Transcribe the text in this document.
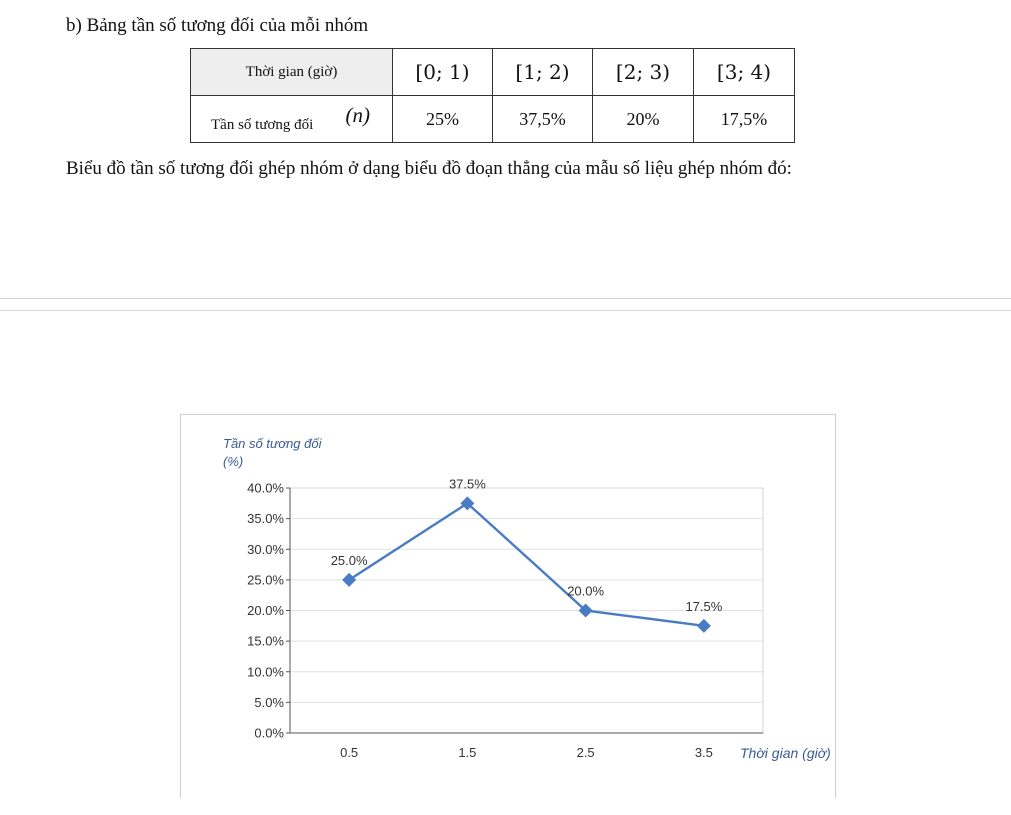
b) Bảng tần số tương đối của mỗi nhóm
Thời gian (giờ)	[0; 1)	[1; 2)	[2; 3)	[3; 4)

Tần số tương đối (n)	25%	37,5%	20%	17,5%

Biểu đồ tần số tương đối ghép nhóm ở dạng biểu đồ đoạn thẳng của mẫu số liệu ghép nhóm đó:

Tần số tương đối
(%)
Thời gian (giờ)
0.0%
5.0%
10.0%
15.0%
20.0%
25.0%
30.0%
35.0%
40.0%
0.5	1.5	2.5	3.5
25.0%
37.5%
20.0%
17.5%
